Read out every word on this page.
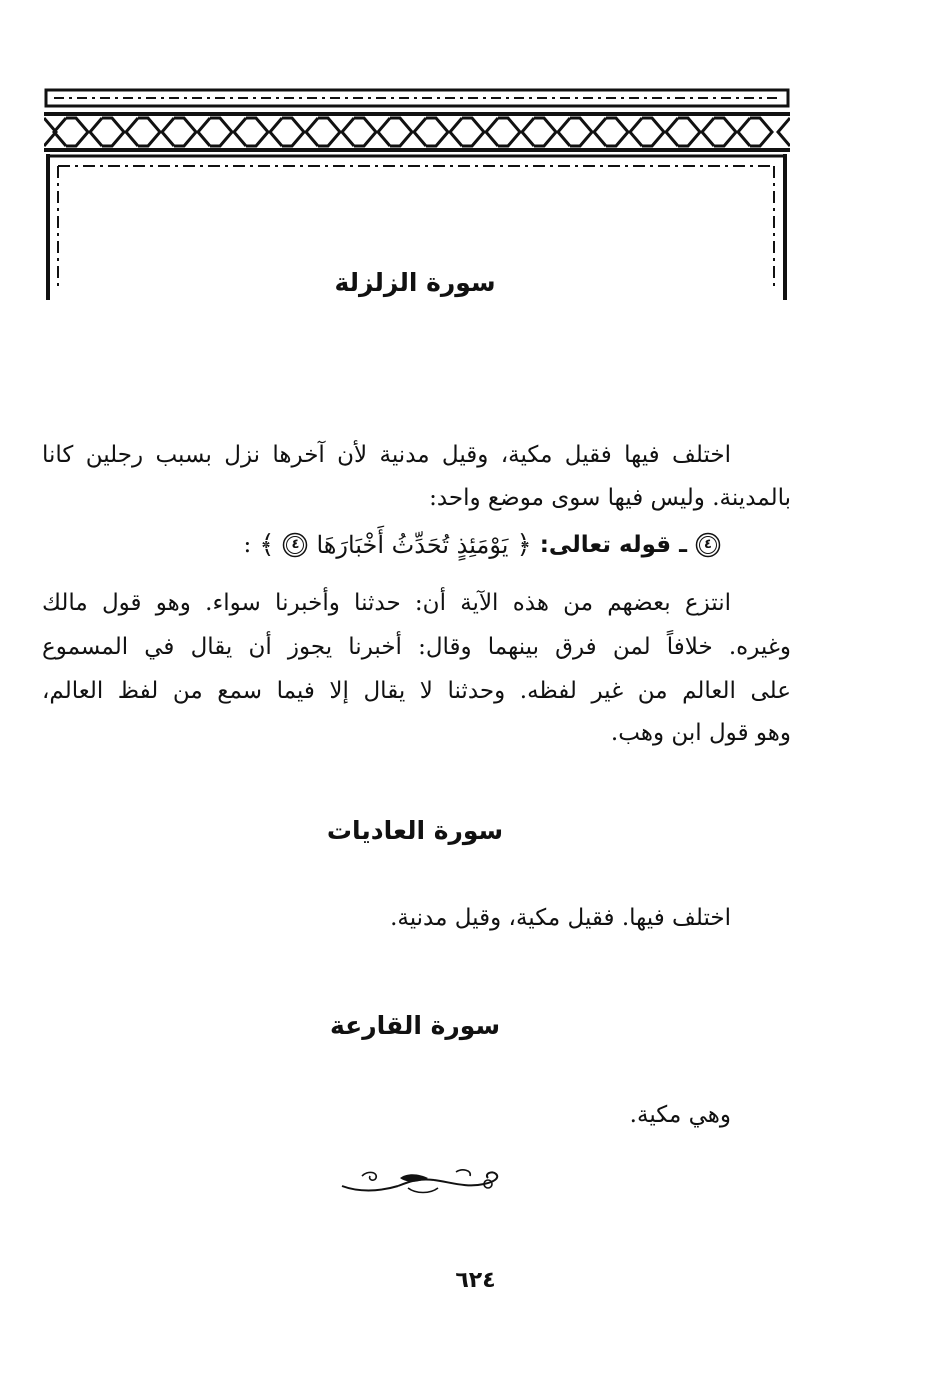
سورة الزلزلة
اختلف فيها فقيل مكية، وقيل مدنية لأن آخرها نزل بسبب رجلين كانا
بالمدينة. وليس فيها سوى موضع واحد:
٤
ـ قوله تعالى:
﴿
يَوْمَئِذٍ تُحَدِّثُ أَخْبَارَهَا
٤
﴾
:
انتزع بعضهم من هذه الآية أن: حدثنا وأخبرنا سواء. وهو قول مالك
وغيره. خلافاً لمن فرق بينهما وقال: أخبرنا يجوز أن يقال في المسموع
على العالم من غير لفظه. وحدثنا لا يقال إلا فيما سمع من لفظ العالم،
وهو قول ابن وهب.
سورة العاديات
اختلف فيها. فقيل مكية، وقيل مدنية.
سورة القارعة
وهي مكية.
٦٢٤
